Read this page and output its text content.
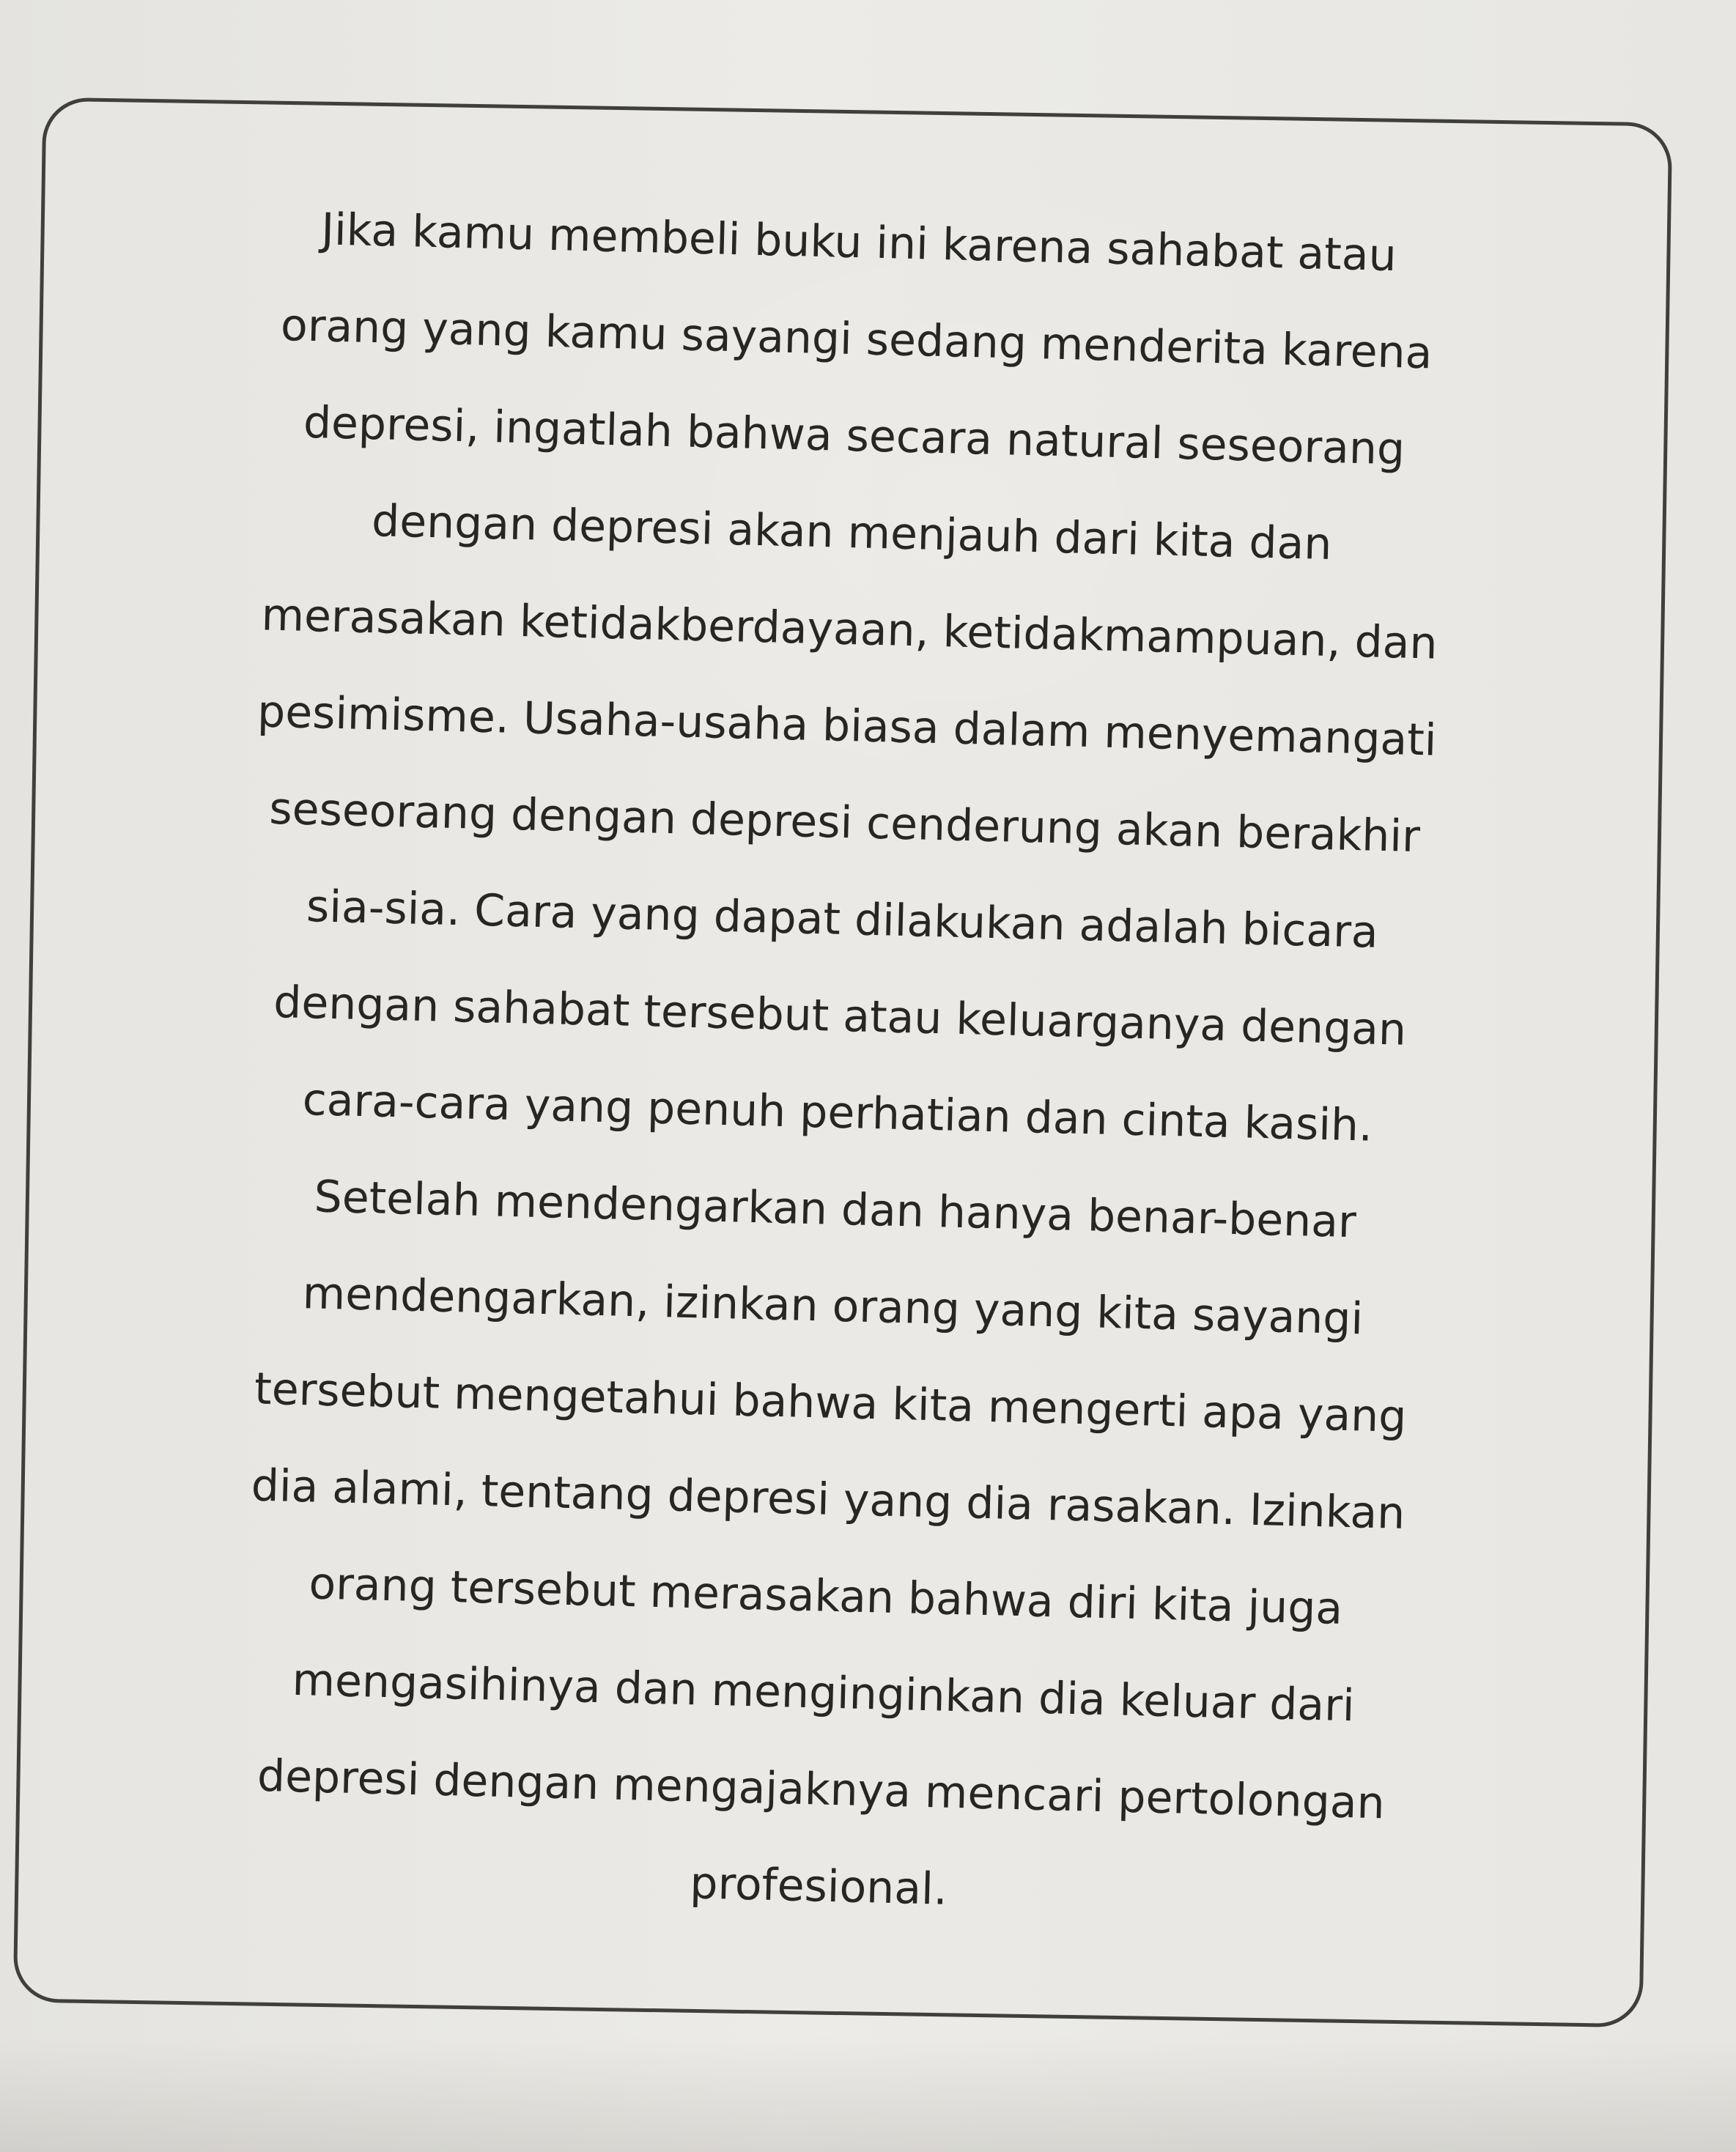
Jika kamu membeli buku ini karena sahabat atau
orang yang kamu sayangi sedang menderita karena
depresi, ingatlah bahwa secara natural seseorang
dengan depresi akan menjauh dari kita dan
merasakan ketidakberdayaan, ketidakmampuan, dan
pesimisme. Usaha-usaha biasa dalam menyemangati
seseorang dengan depresi cenderung akan berakhir
sia-sia. Cara yang dapat dilakukan adalah bicara
dengan sahabat tersebut atau keluarganya dengan
cara-cara yang penuh perhatian dan cinta kasih.
Setelah mendengarkan dan hanya benar-benar
mendengarkan, izinkan orang yang kita sayangi
tersebut mengetahui bahwa kita mengerti apa yang
dia alami, tentang depresi yang dia rasakan. Izinkan
orang tersebut merasakan bahwa diri kita juga
mengasihinya dan menginginkan dia keluar dari
depresi dengan mengajaknya mencari pertolongan
profesional.
